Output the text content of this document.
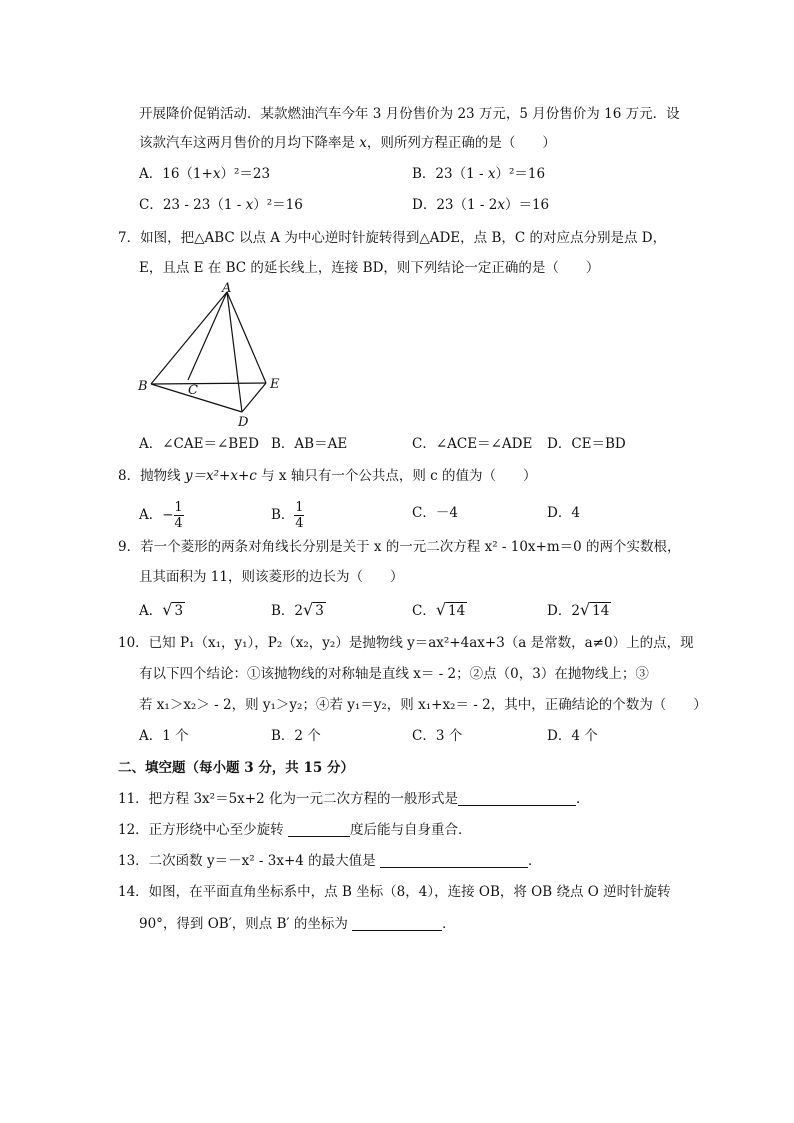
开展降价促销活动．某款燃油汽车今年 3 月份售价为 23 万元，5 月份售价为 16 万元．设
该款汽车这两月售价的月均下降率是 x，则所列方程正确的是（　　）
A．16（1+x）²＝23	B．23（1 - x）²＝16
C．23 - 23（1 - x）²＝16	D．23（1 - 2x）＝16
7．如图，把△ABC 以点 A 为中心逆时针旋转得到△ADE，点 B，C 的对应点分别是点 D，
E，且点 E 在 BC 的延长线上，连接 BD，则下列结论一定正确的是（　　）
A
B	C
D
E
A．∠CAE＝∠BED B．AB＝AE	C．∠ACE＝∠ADE D．CE＝BD
8．抛物线 y＝x²+x+c 与 x 轴只有一个公共点，则 c 的值为（　　）
A．− $\frac{1}{4}$	B． $\frac{1}{4}$	C．－4	D．4
9．若一个菱形的两条对角线长分别是关于 x 的一元二次方程 x² - 10x+m＝0 的两个实数根，
且其面积为 11，则该菱形的边长为（　　）
A．√ 3	B．2√ 3	C．√ 14	D．2√ 14
10．已知 P₁（x₁，y₁），P₂（x₂，y₂）是抛物线 y＝ax²+4ax+3（a 是常数，a≠0）上的点，现
有以下四个结论：①该抛物线的对称轴是直线 x＝ - 2；②点（0，3）在抛物线上；③
若 x₁＞x₂＞ - 2，则 y₁＞y₂；④若 y₁＝y₂，则 x₁+x₂＝ - 2，其中，正确结论的个数为（　　）
A．1 个	B．2 个	C．3 个	D．4 个
二、填空题（每小题 3 分，共 15 分）
11．把方程 3x²＝5x+2 化为一元二次方程的一般形式是	．
12．正方形绕中心至少旋转	度后能与自身重合．
13．二次函数 y＝－x² - 3x+4 的最大值是	．
14．如图，在平面直角坐标系中，点 B 坐标（8，4），连接 OB，将 OB 绕点 O 逆时针旋转
90°，得到 OB′，则点 B′ 的坐标为	．
